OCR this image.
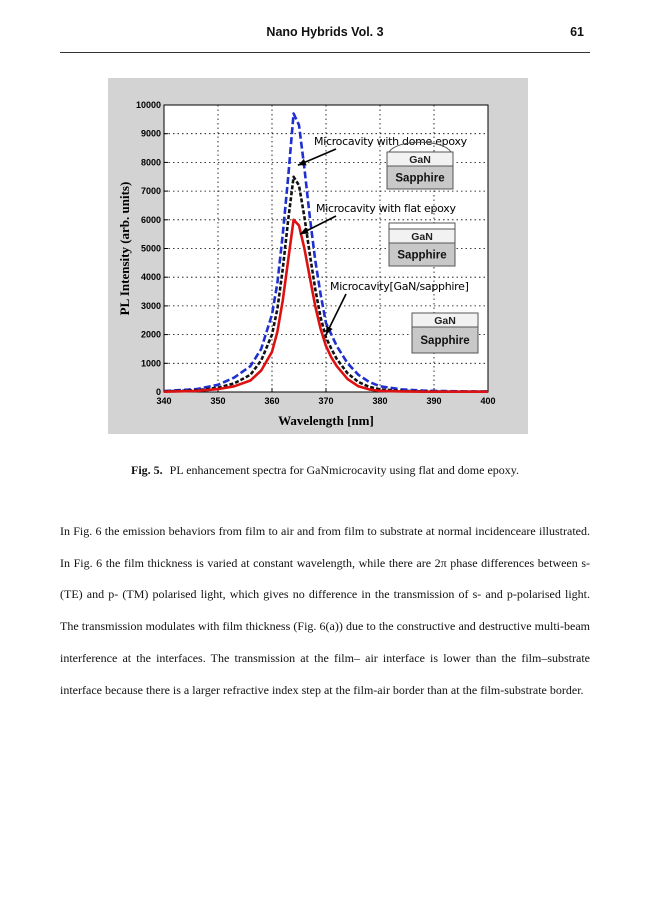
Nano Hybrids Vol. 3	61
340	350	360	370	380	390	400
0
1000
2000
3000
4000
5000
6000
7000
8000
9000
10000
Wavelength [nm]
PL Intensity (arb. units)
Microcavity with dome epoxy
Microcavity with flat epoxy
Microcavity[GaN/sapphire]
GaN
Sapphire
GaN
Sapphire
GaN
Sapphire
Fig. 5. PL enhancement spectra for GaNmicrocavity using flat and dome epoxy.

In Fig. 6 the emission behaviors from film to air and from film to substrate at normal incidenceare illustrated. In Fig. 6 the film thickness is varied at constant wavelength, while there are 2π phase differences between s- (TE) and p- (TM) polarised light, which gives no difference in the transmission of s- and p-polarised light. The transmission modulates with film thickness (Fig. 6(a)) due to the constructive and destructive multi-beam interference at the interfaces. The transmission at the film– air interface is lower than the film–substrate interface because there is a larger refractive index step at the film-air border than at the film-substrate border.
